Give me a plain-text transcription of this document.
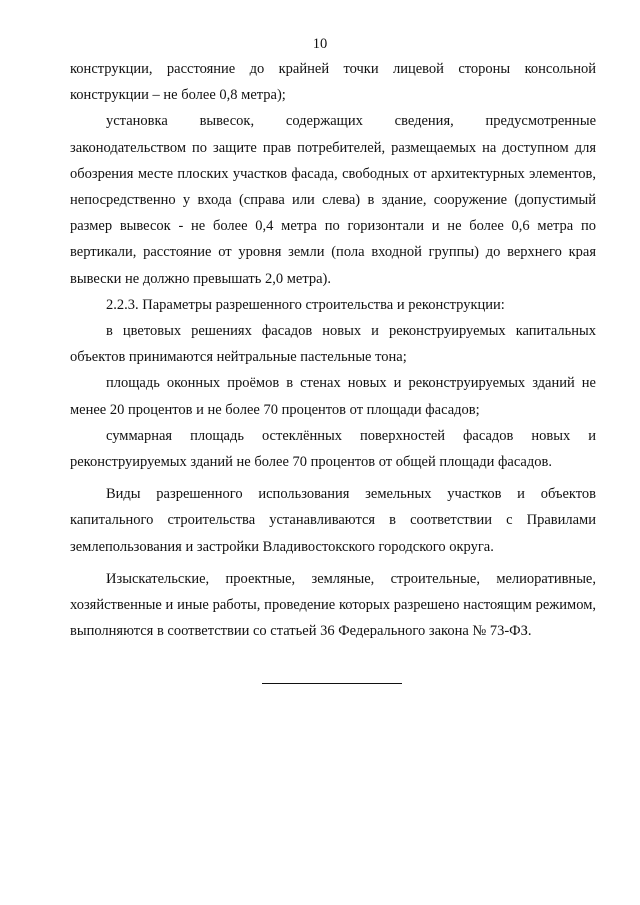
10

конструкции, расстояние до крайней точки лицевой стороны консольной конструкции – не более 0,8 метра);

установка вывесок, содержащих сведения, предусмотренные законодательством по защите прав потребителей, размещаемых на доступном для обозрения месте плоских участков фасада, свободных от архитектурных элементов, непосредственно у входа (справа или слева) в здание, сооружение (допустимый размер вывесок - не более 0,4 метра по горизонтали и не более 0,6 метра по вертикали, расстояние от уровня земли (пола входной группы) до верхнего края вывески не должно превышать 2,0 метра).

2.2.3. Параметры разрешенного строительства и реконструкции:

в цветовых решениях фасадов новых и реконструируемых капитальных объектов принимаются нейтральные пастельные тона;

площадь оконных проёмов в стенах новых и реконструируемых зданий не менее 20 процентов и не более 70 процентов от площади фасадов;

суммарная площадь остеклённых поверхностей фасадов новых и реконструируемых зданий не более 70 процентов от общей площади фасадов.

Виды разрешенного использования земельных участков и объектов капитального строительства устанавливаются в соответствии с Правилами землепользования и застройки Владивостокского городского округа.

Изыскательские, проектные, земляные, строительные, мелиоративные, хозяйственные и иные работы, проведение которых разрешено настоящим режимом, выполняются в соответствии со статьей 36 Федерального закона № 73-ФЗ.
